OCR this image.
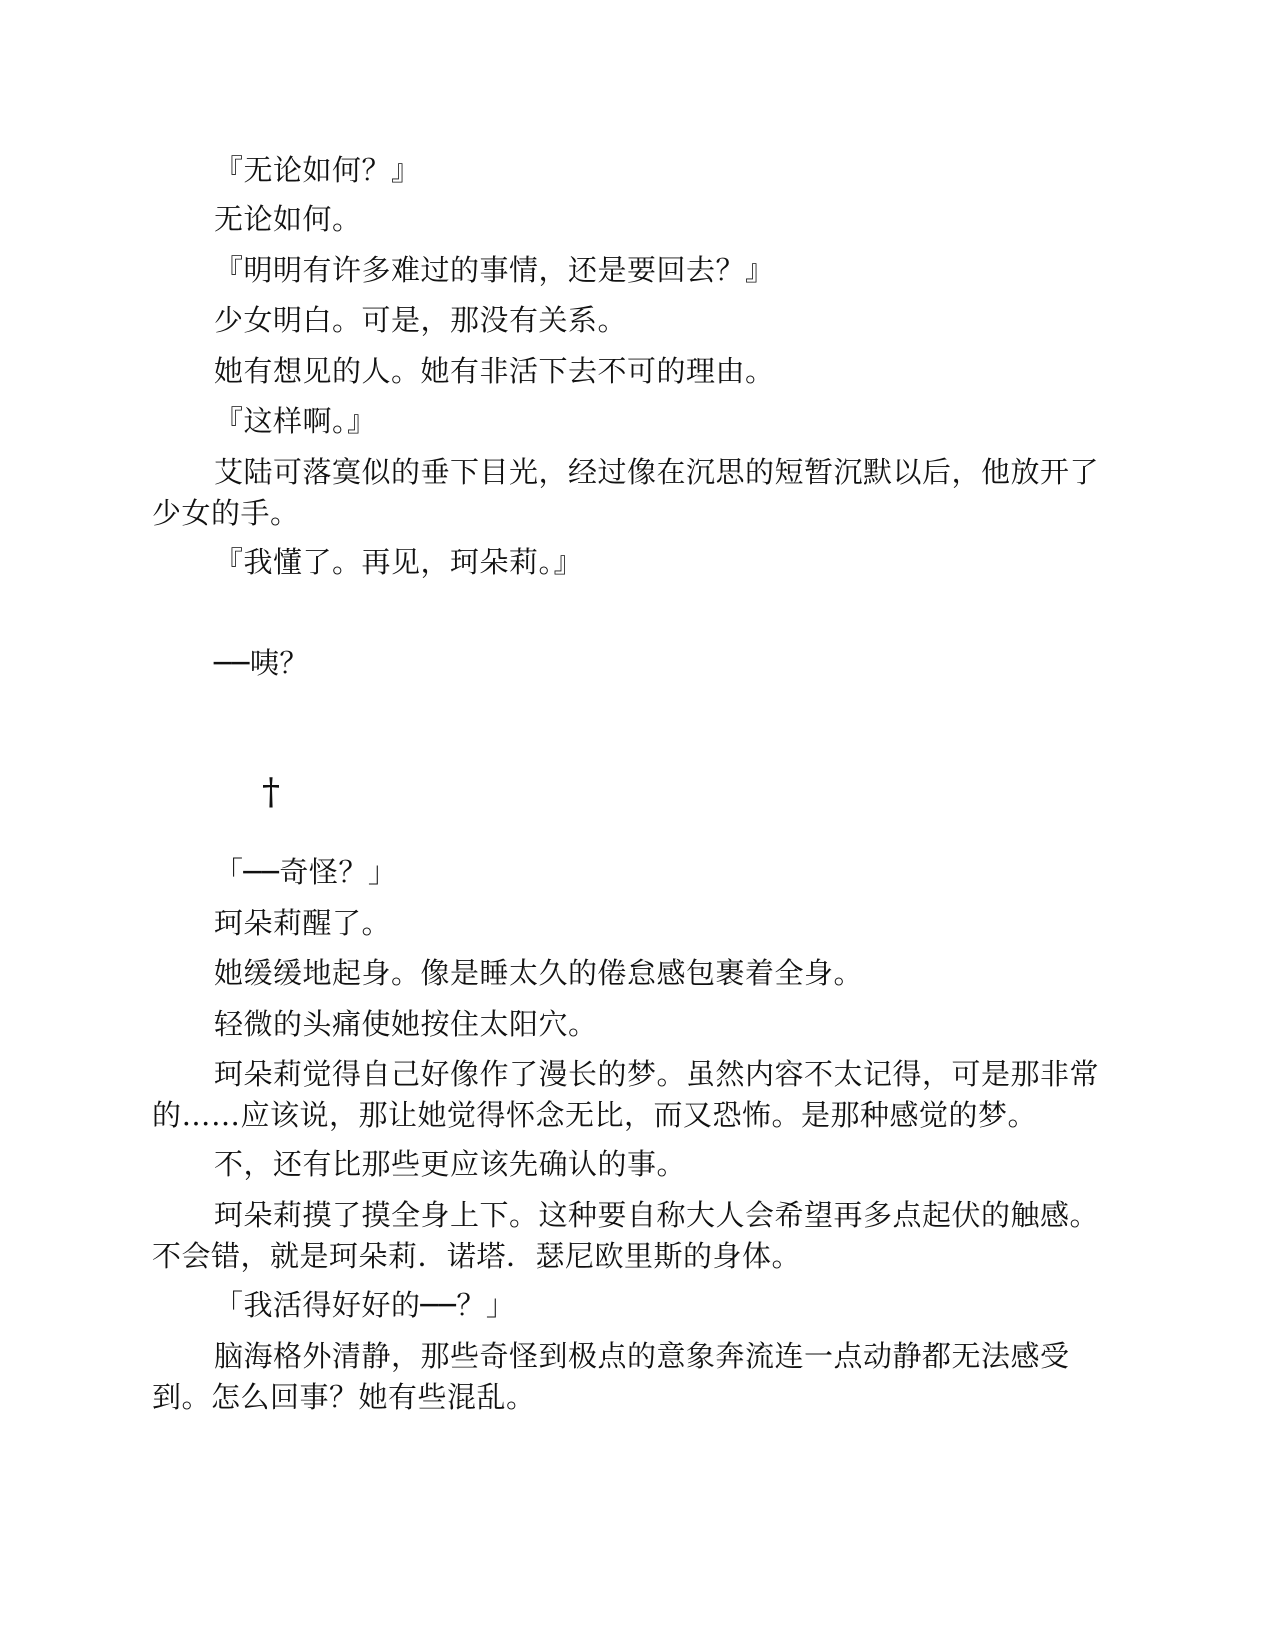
『无论如何？』

无论如何。

『明明有许多难过的事情，还是要回去？』

少女明白。可是，那没有关系。

她有想见的人。她有非活下去不可的理由。

『这样啊。』

艾陆可落寞似的垂下目光，经过像在沉思的短暂沉默以后，他放开了少女的手。

『我懂了。再见，珂朵莉。』

──咦？

†

「──奇怪？」

珂朵莉醒了。

她缓缓地起身。像是睡太久的倦怠感包裹着全身。

轻微的头痛使她按住太阳穴。

珂朵莉觉得自己好像作了漫长的梦。虽然内容不太记得，可是那非常的……应该说，那让她觉得怀念无比，而又恐怖。是那种感觉的梦。

不，还有比那些更应该先确认的事。

珂朵莉摸了摸全身上下。这种要自称大人会希望再多点起伏的触感。不会错，就是珂朵莉．诺塔．瑟尼欧里斯的身体。

「我活得好好的──？」

脑海格外清静，那些奇怪到极点的意象奔流连一点动静都无法感受到。怎么回事？她有些混乱。
